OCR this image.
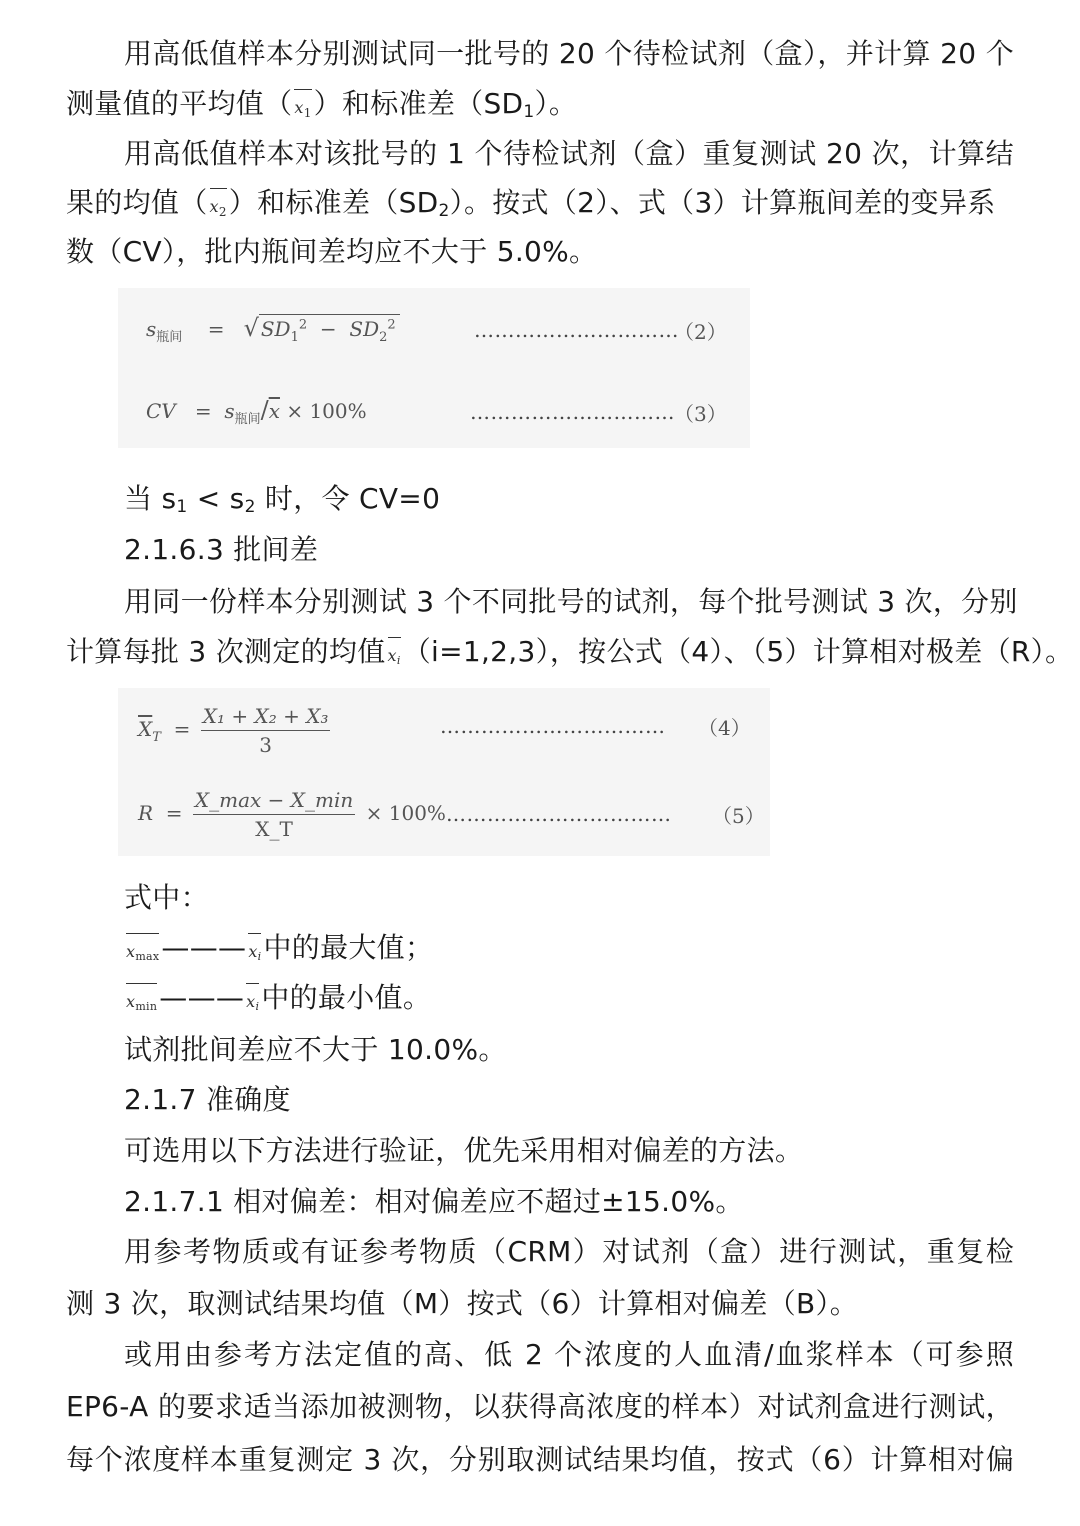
用高低值样本分别测试同一批号的 20 个待检试剂（盒），并计算 20 个
测量值的平均值（ $x_1$）和标准差$(SD_1)$。
用高低值样本对该批号的 1 个待检试剂（盒）重复测试 20 次，计算结
果的均值（ $x_2$）和标准差$(SD_2)$。按式（2）、式（3）计算瓶间差的变异系
数（CV），批内瓶间差均应不大于 5.0%。
$s_{瓶间}$ = √ $SD_1^2 - SD_2^2$	…………………………
（2）
CV = $s_{瓶间}/\overline{x} \times 100\%$	………………………… （3）
当 $s_1 < s_2$ 时，令 CV=0
2.1.6.3 批间差
用同一份样本分别测试 3 个不同批号的试剂，每个批号测试 3 次，分别
计算每批 3 次测定的均值 xi（i=1,2,3），按公式（4）、（5）计算相对极差（R）。
$\overline{X}_T = \frac{\text{X₁ + X₂ + X₃}}{3}$	…………………………… （4）
$R = \frac{X\_\max - X\_\min}{X\_T} \times 100\%$ …………………………… （5）
式中：
xmax——— xi中的最大值；
xmin——— xi中的最小值。
试剂批间差应不大于 10.0%。
2.1.7 准确度
可选用以下方法进行验证，优先采用相对偏差的方法。
2.1.7.1 相对偏差：相对偏差应不超过±15.0%。
用参考物质或有证参考物质（CRM）对试剂（盒）进行测试，重复检
测 3 次，取测试结果均值（M）按式（6）计算相对偏差（B）。
或用由参考方法定值的高、低 2 个浓度的人血清/血浆样本（可参照
EP6-A 的要求适当添加被测物，以获得高浓度的样本）对试剂盒进行测试，
每个浓度样本重复测定 3 次，分别取测试结果均值，按式（6）计算相对偏
